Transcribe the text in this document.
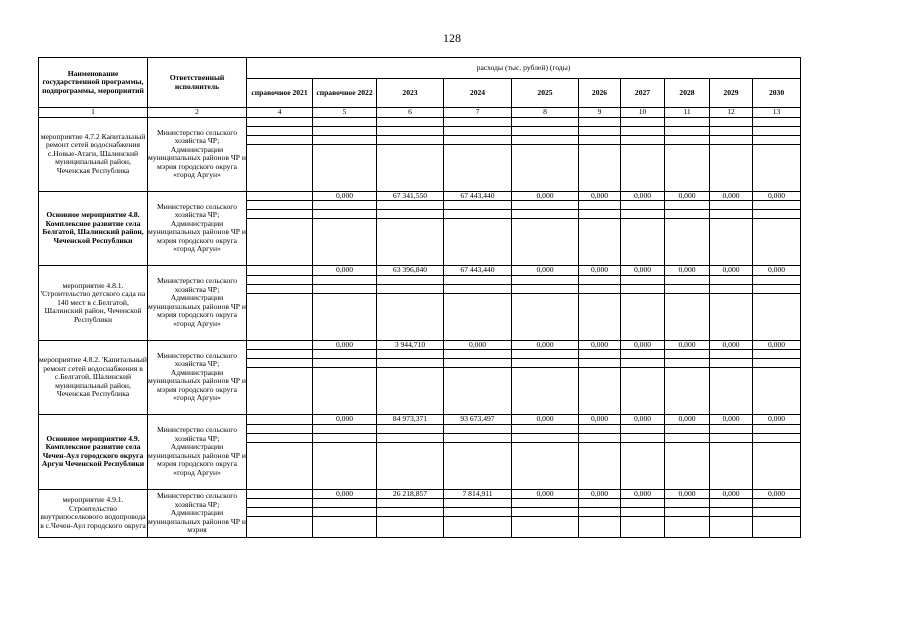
128
Наименование государственной программы, подпрограммы, мероприятий	Ответственный исполнитель	расходы (тыс. рублей) (годы)									
		справочное 2021	справочное 2022	2023	2024	2025	2026	2027	2028	2029	2030
1	2	4	5	6	7	8	9	10	11	12	13
мероприятие 4.7.2 Капитальный ремонт сетей водоснабжения с.Новые-Атаги, Шалинский муниципальный район, Чеченская Республика	Министерство сельского хозяйства ЧР; Администрации муниципальных районов ЧР и мэрия городского округа «город Аргун»										

Основное мероприятие 4.8. Комплексное развитие села Белгатой, Шалинский район, Чеченской Республики	Министерство сельского хозяйства ЧР; Администрации муниципальных районов ЧР и мэрия городского округа «город Аргун»		0,000	67 341,550	67 443,440	0,000	0,000	0,000	0,000	0,000	0,000

мероприятие 4.8.1. 'Строительство детского сада на 140 мест в с.Белгатой, Шалинский район, Чеченской Республики	Министерство сельского хозяйства ЧР; Администрации муниципальных районов ЧР и мэрия городского округа «город Аргун»		0,000	63 396,840	67 443,440	0,000	0,000	0,000	0,000	0,000	0,000

мероприятие 4.8.2. 'Капитальный ремонт сетей водоснабжения в с.Белгатой, Шалинский муниципальный район, Чеченская Республика	Министерство сельского хозяйства ЧР; Администрации муниципальных районов ЧР и мэрия городского округа «город Аргун»		0,000	3 944,710	0,000	0,000	0,000	0,000	0,000	0,000	0,000

Основное мероприятие 4.9. Комплексное развитие села Чечен-Аул городского округа Аргун Чеченской Республики	Министерство сельского хозяйства ЧР; Администрации муниципальных районов ЧР и мэрия городского округа «город Аргун»		0,000	84 973,371	93 673,497	0,000	0,000	0,000	0,000	0,000	0,000

мероприятие 4.9.1. Строительство внутрипоселкового водопровода в с.Чечен-Аул городского округа	Министерство сельского хозяйства ЧР; Администрации муниципальных районов ЧР и мэрия		0,000	26 218,857	7 814,911	0,000	0,000	0,000	0,000	0,000	0,000
